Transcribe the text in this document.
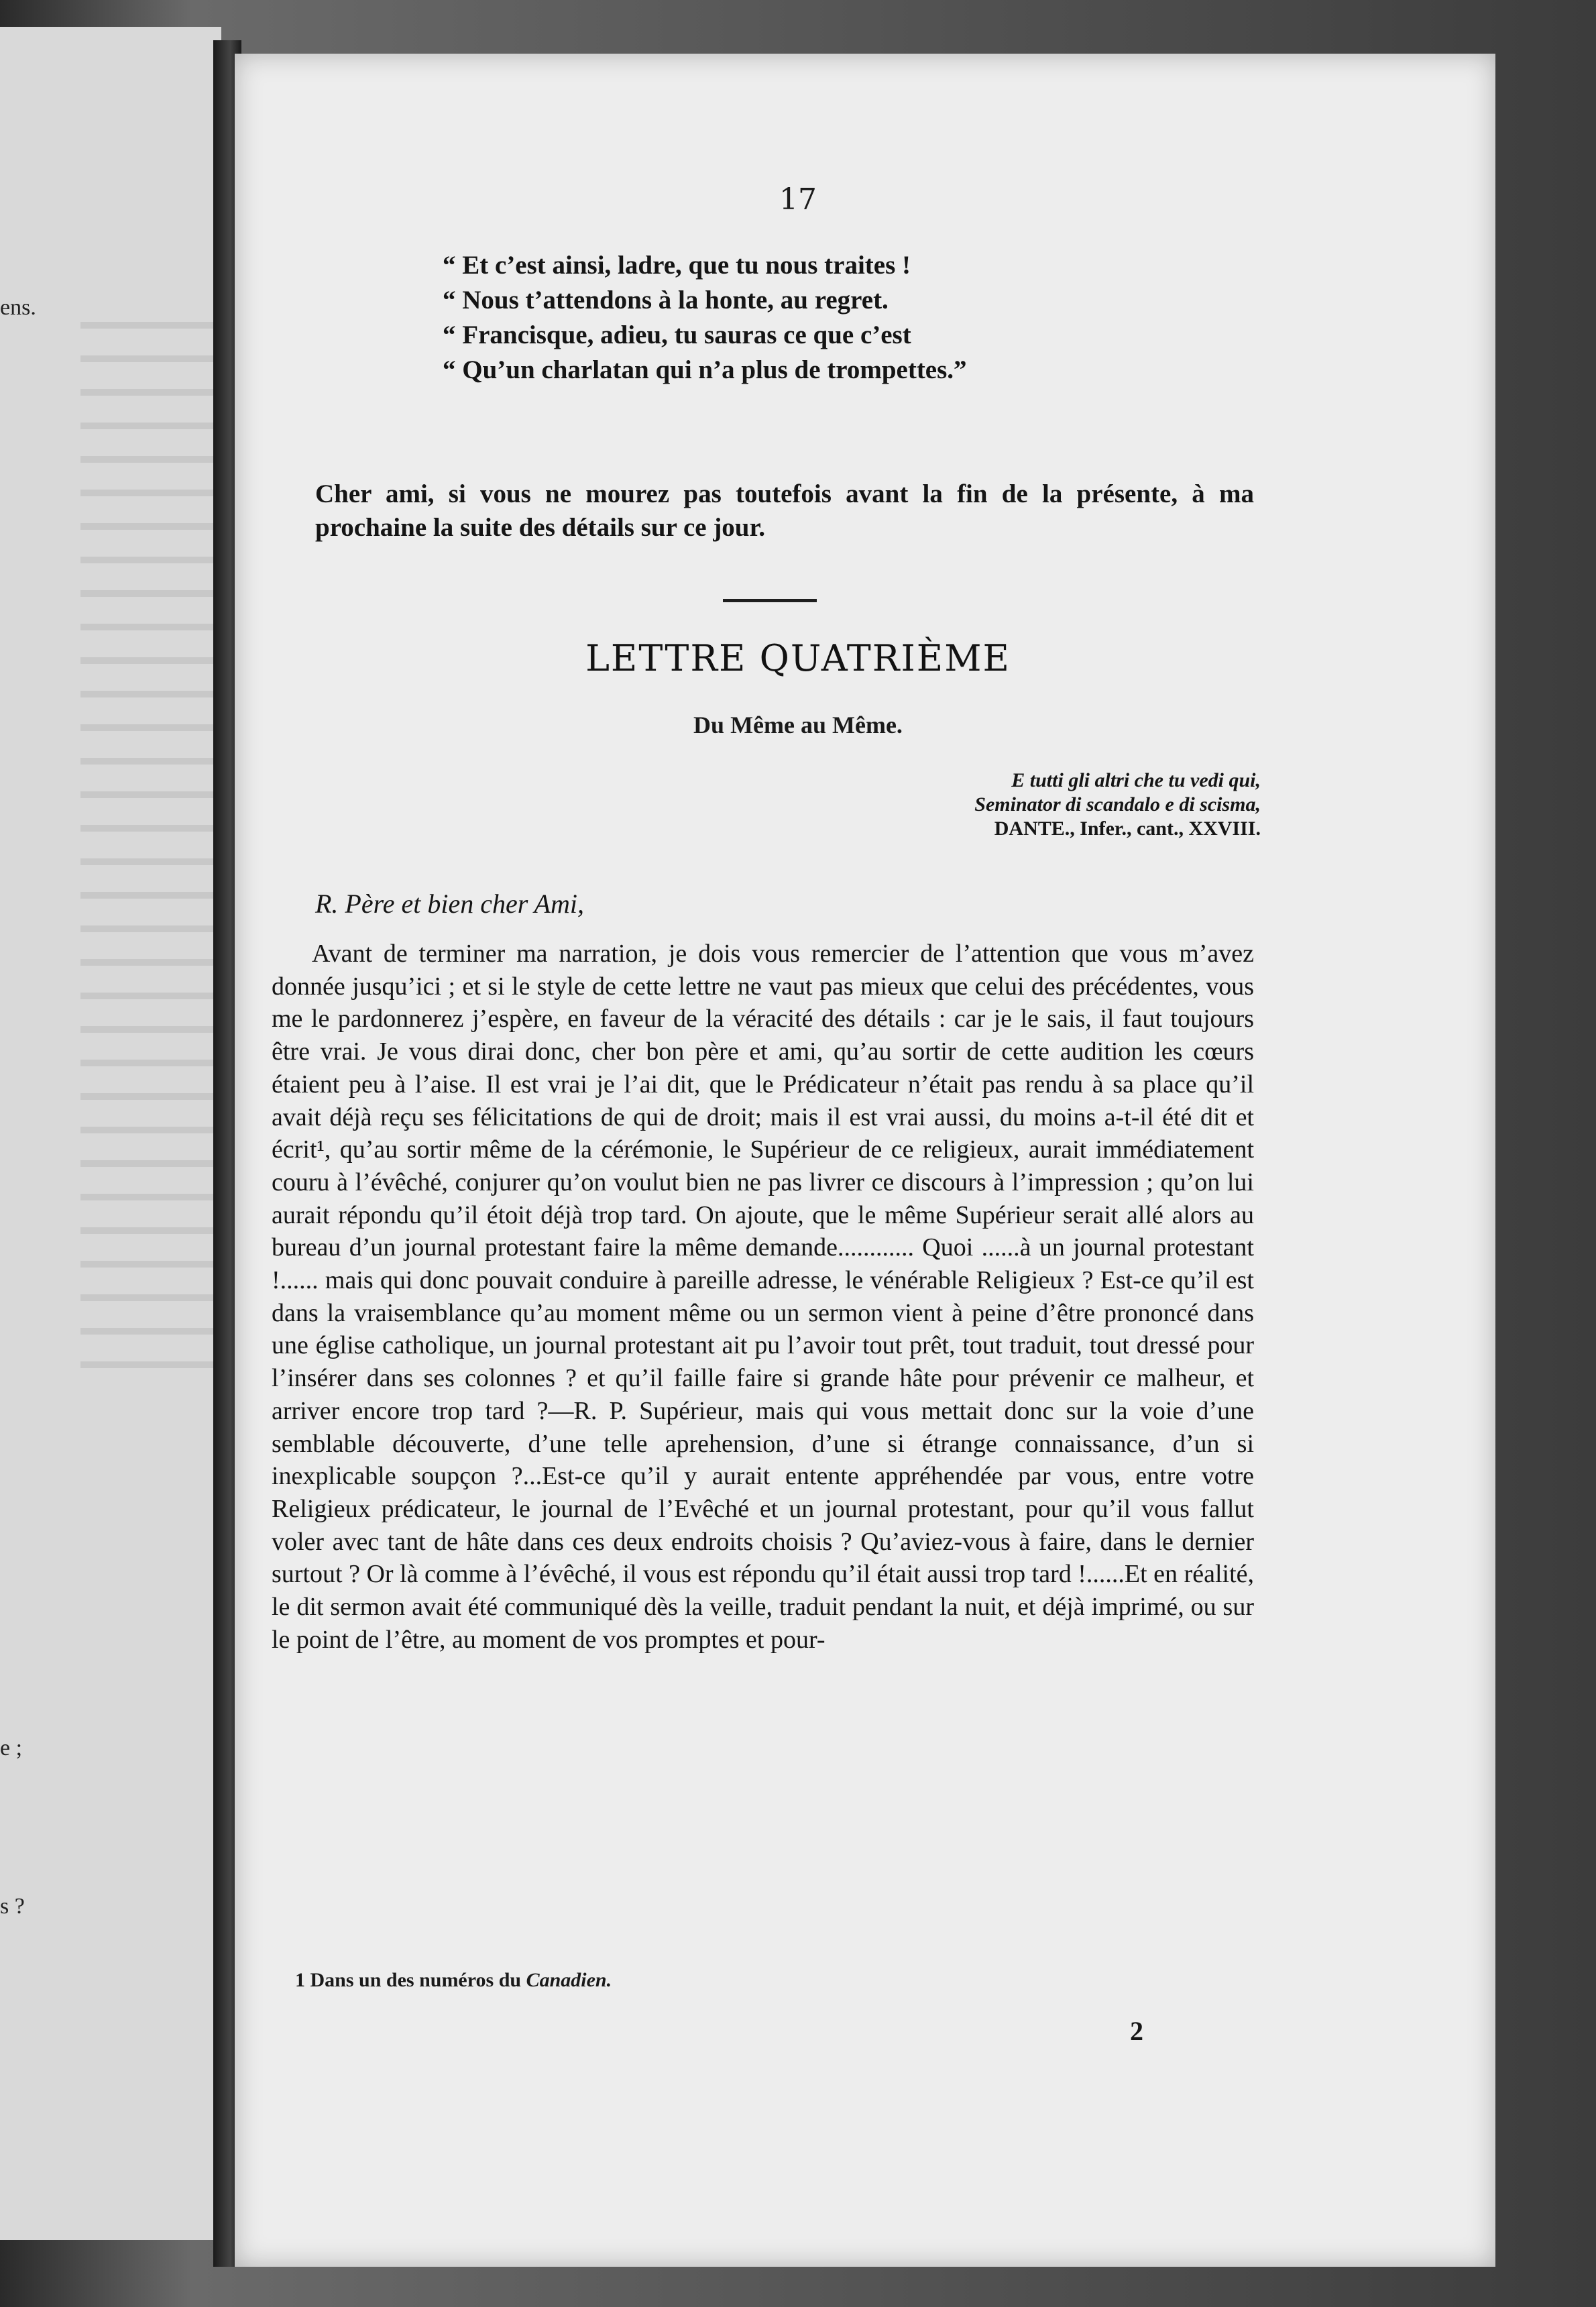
ens.
e ;
s ?
17
“ Et c’est ainsi, ladre, que tu nous traites !
“ Nous t’attendons à la honte, au regret.
“ Francisque, adieu, tu sauras ce que c’est
“ Qu’un charlatan qui n’a plus de trompettes.”
Cher ami, si vous ne mourez pas toutefois avant la fin de la présente, à ma prochaine la suite des détails sur ce jour.
LETTRE QUATRIÈME
Du Même au Même.
E tutti gli altri che tu vedi qui,
Seminator di scandalo e di scisma,
DANTE., Infer., cant., XXVIII.
R. Père et bien cher Ami,

Avant de terminer ma narration, je dois vous remercier de l’attention que vous m’avez donnée jusqu’ici ; et si le style de cette lettre ne vaut pas mieux que celui des précédentes, vous me le pardonnerez j’espère, en faveur de la véracité des détails : car je le sais, il faut toujours être vrai. Je vous dirai donc, cher bon père et ami, qu’au sortir de cette audition les cœurs étaient peu à l’aise. Il est vrai je l’ai dit, que le Prédicateur n’était pas rendu à sa place qu’il avait déjà reçu ses félicitations de qui de droit; mais il est vrai aussi, du moins a-t-il été dit et écrit¹, qu’au sortir même de la cérémonie, le Supérieur de ce religieux, aurait immédiatement couru à l’évêché, conjurer qu’on voulut bien ne pas livrer ce discours à l’impression ; qu’on lui aurait répondu qu’il étoit déjà trop tard. On ajoute, que le même Supérieur serait allé alors au bureau d’un journal protestant faire la même demande............ Quoi ......à un journal protestant !...... mais qui donc pouvait conduire à pareille adresse, le vénérable Religieux ? Est-ce qu’il est dans la vraisemblance qu’au moment même ou un sermon vient à peine d’être prononcé dans une église catholique, un journal protestant ait pu l’avoir tout prêt, tout traduit, tout dressé pour l’insérer dans ses colonnes ? et qu’il faille faire si grande hâte pour prévenir ce malheur, et arriver encore trop tard ?—R. P. Supérieur, mais qui vous mettait donc sur la voie d’une semblable découverte, d’une telle aprehension, d’une si étrange connaissance, d’un si inexplicable soupçon ?...Est-ce qu’il y aurait entente appréhendée par vous, entre votre Religieux prédicateur, le journal de l’Evêché et un journal protestant, pour qu’il vous fallut voler avec tant de hâte dans ces deux endroits choisis ? Qu’aviez-vous à faire, dans le dernier surtout ? Or là comme à l’évêché, il vous est répondu qu’il était aussi trop tard !......Et en réalité, le dit sermon avait été communiqué dès la veille, traduit pendant la nuit, et déjà imprimé, ou sur le point de l’être, au moment de vos promptes et pour-

1 Dans un des numéros du Canadien.
2
